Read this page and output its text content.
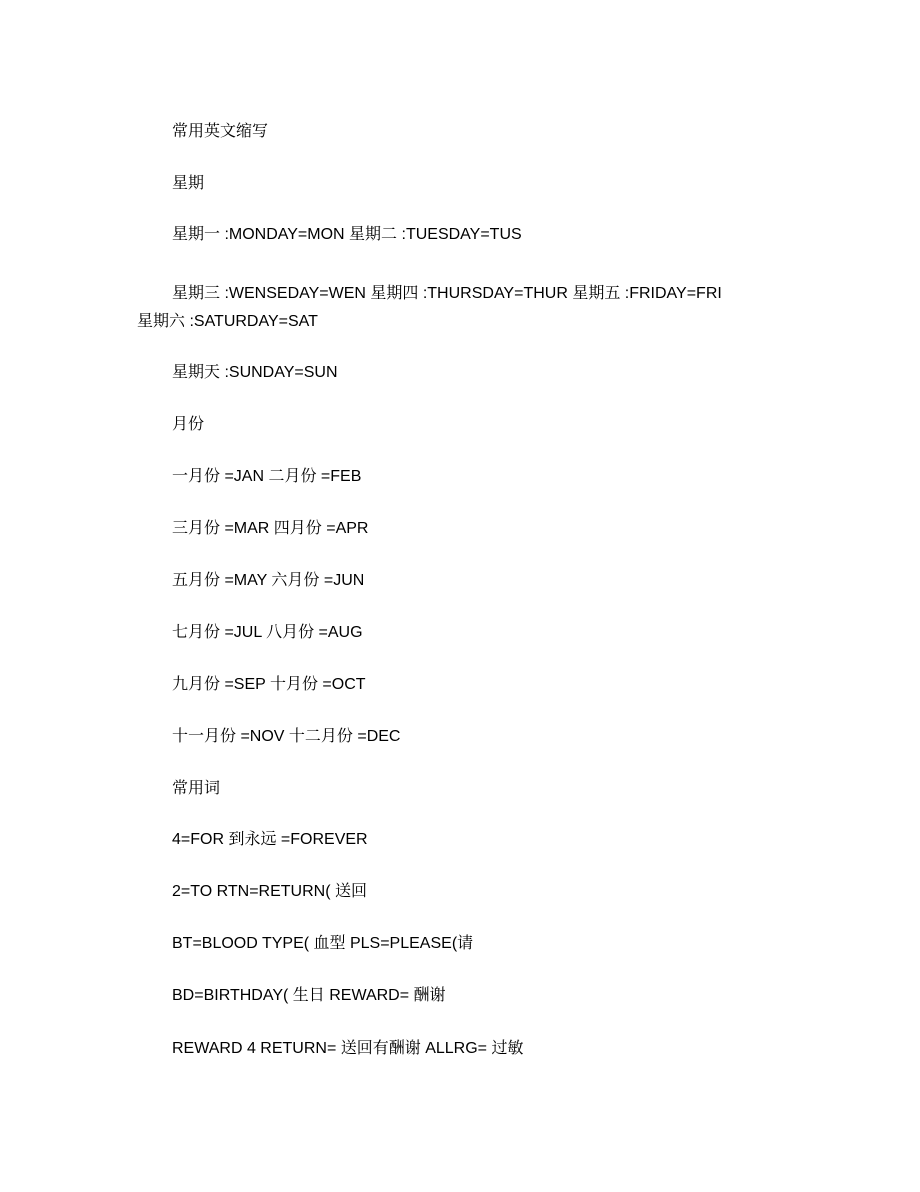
常用英文缩写
星期
星期一 :MONDAY=MON 星期二 :TUESDAY=TUS
星期三 :WENSEDAY=WEN 星期四 :THURSDAY=THUR 星期五 :FRIDAY=FRI
星期六 :SATURDAY=SAT
星期天 :SUNDAY=SUN
月份
一月份 =JAN 二月份 =FEB
三月份 =MAR 四月份 =APR
五月份 =MAY 六月份 =JUN
七月份 =JUL 八月份 =AUG
九月份 =SEP 十月份 =OCT
十一月份 =NOV 十二月份 =DEC
常用词
4=FOR 到永远 =FOREVER
2=TO RTN=RETURN( 送回
BT=BLOOD TYPE( 血型 PLS=PLEASE(请
BD=BIRTHDAY( 生日 REWARD= 酬谢
REWARD 4 RETURN= 送回有酬谢 ALLRG= 过敏
